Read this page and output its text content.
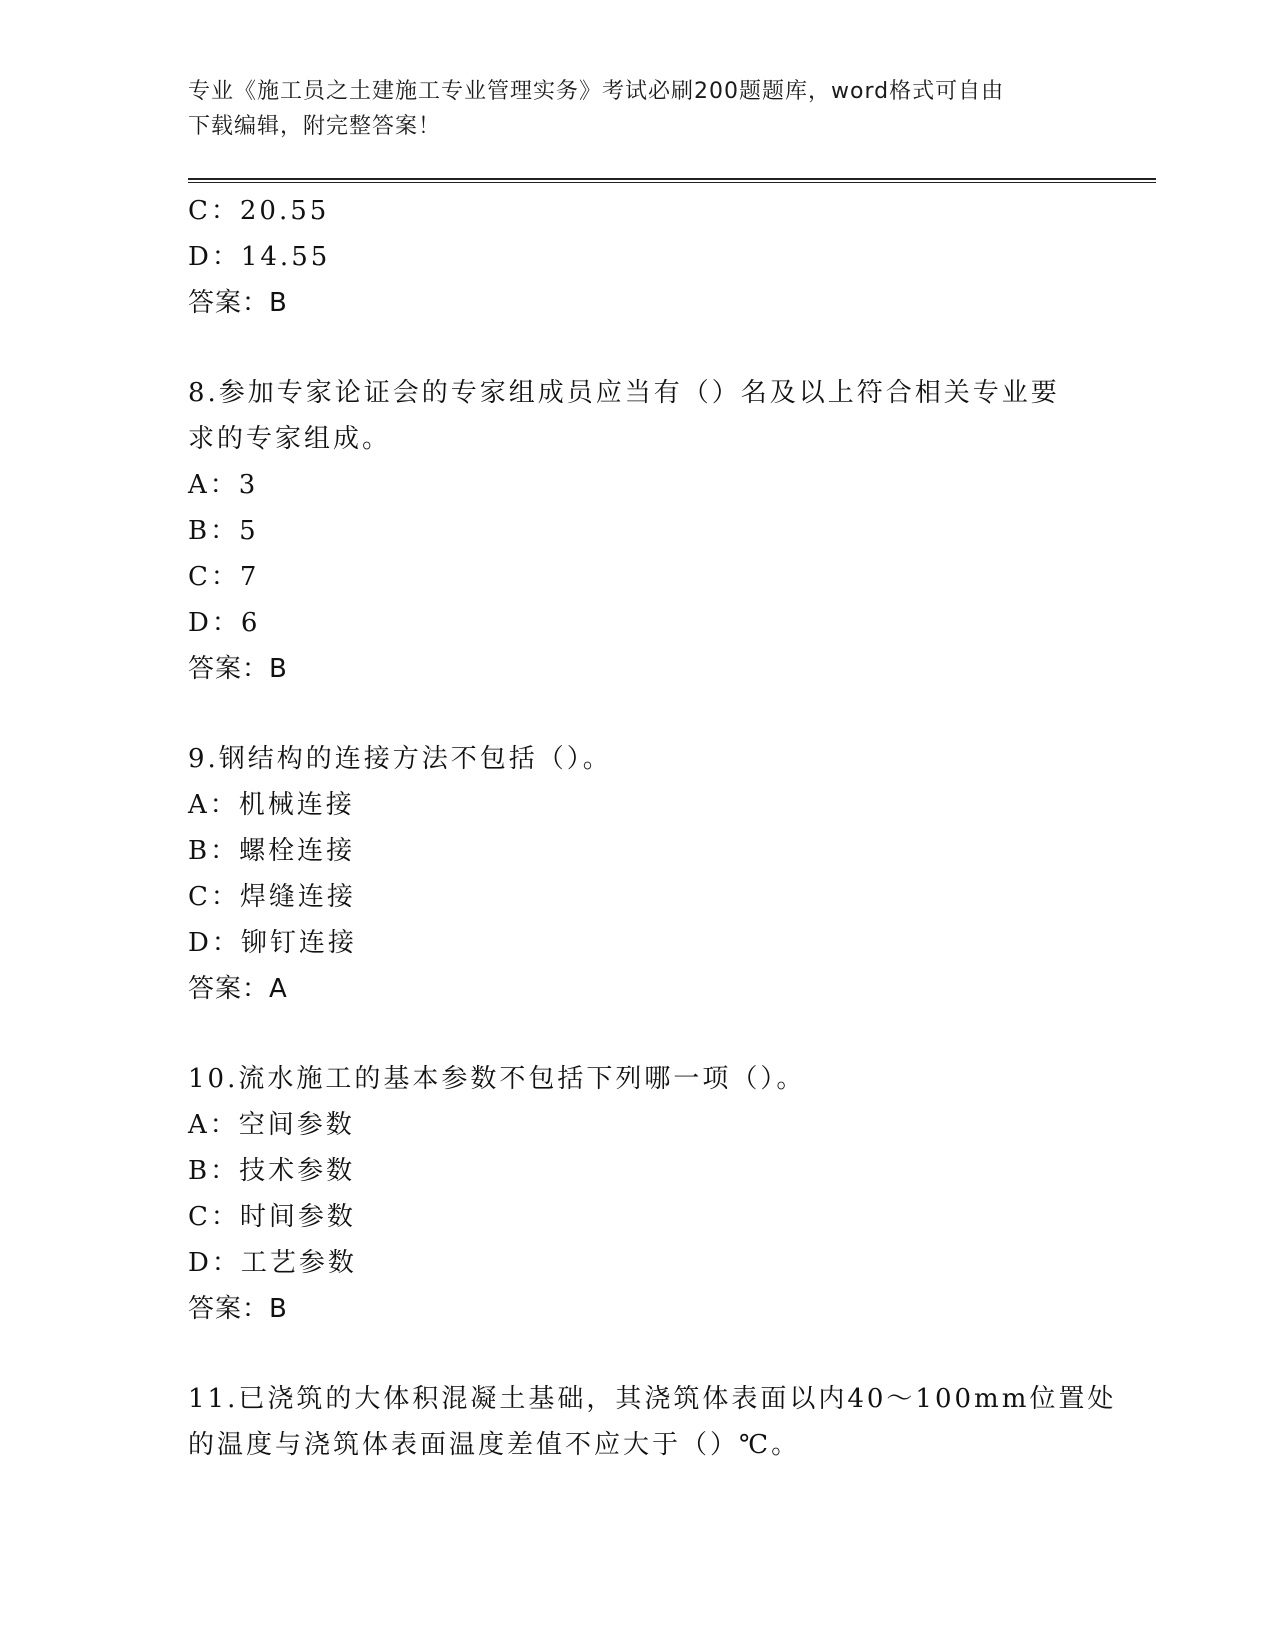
专业《施工员之土建施工专业管理实务》考试必刷200题题库，word格式可自由
下载编辑，附完整答案！
C：20.55
D：14.55
答案：B
8.参加专家论证会的专家组成员应当有（）名及以上符合相关专业要
求的专家组成。
A：3
B：5
C：7
D：6
答案：B
9.钢结构的连接方法不包括（）。
A：机械连接
B：螺栓连接
C：焊缝连接
D：铆钉连接
答案：A
10.流水施工的基本参数不包括下列哪一项（）。
A：空间参数
B：技术参数
C：时间参数
D：工艺参数
答案：B
11.已浇筑的大体积混凝土基础，其浇筑体表面以内40～100mm位置处
的温度与浇筑体表面温度差值不应大于（）℃。
